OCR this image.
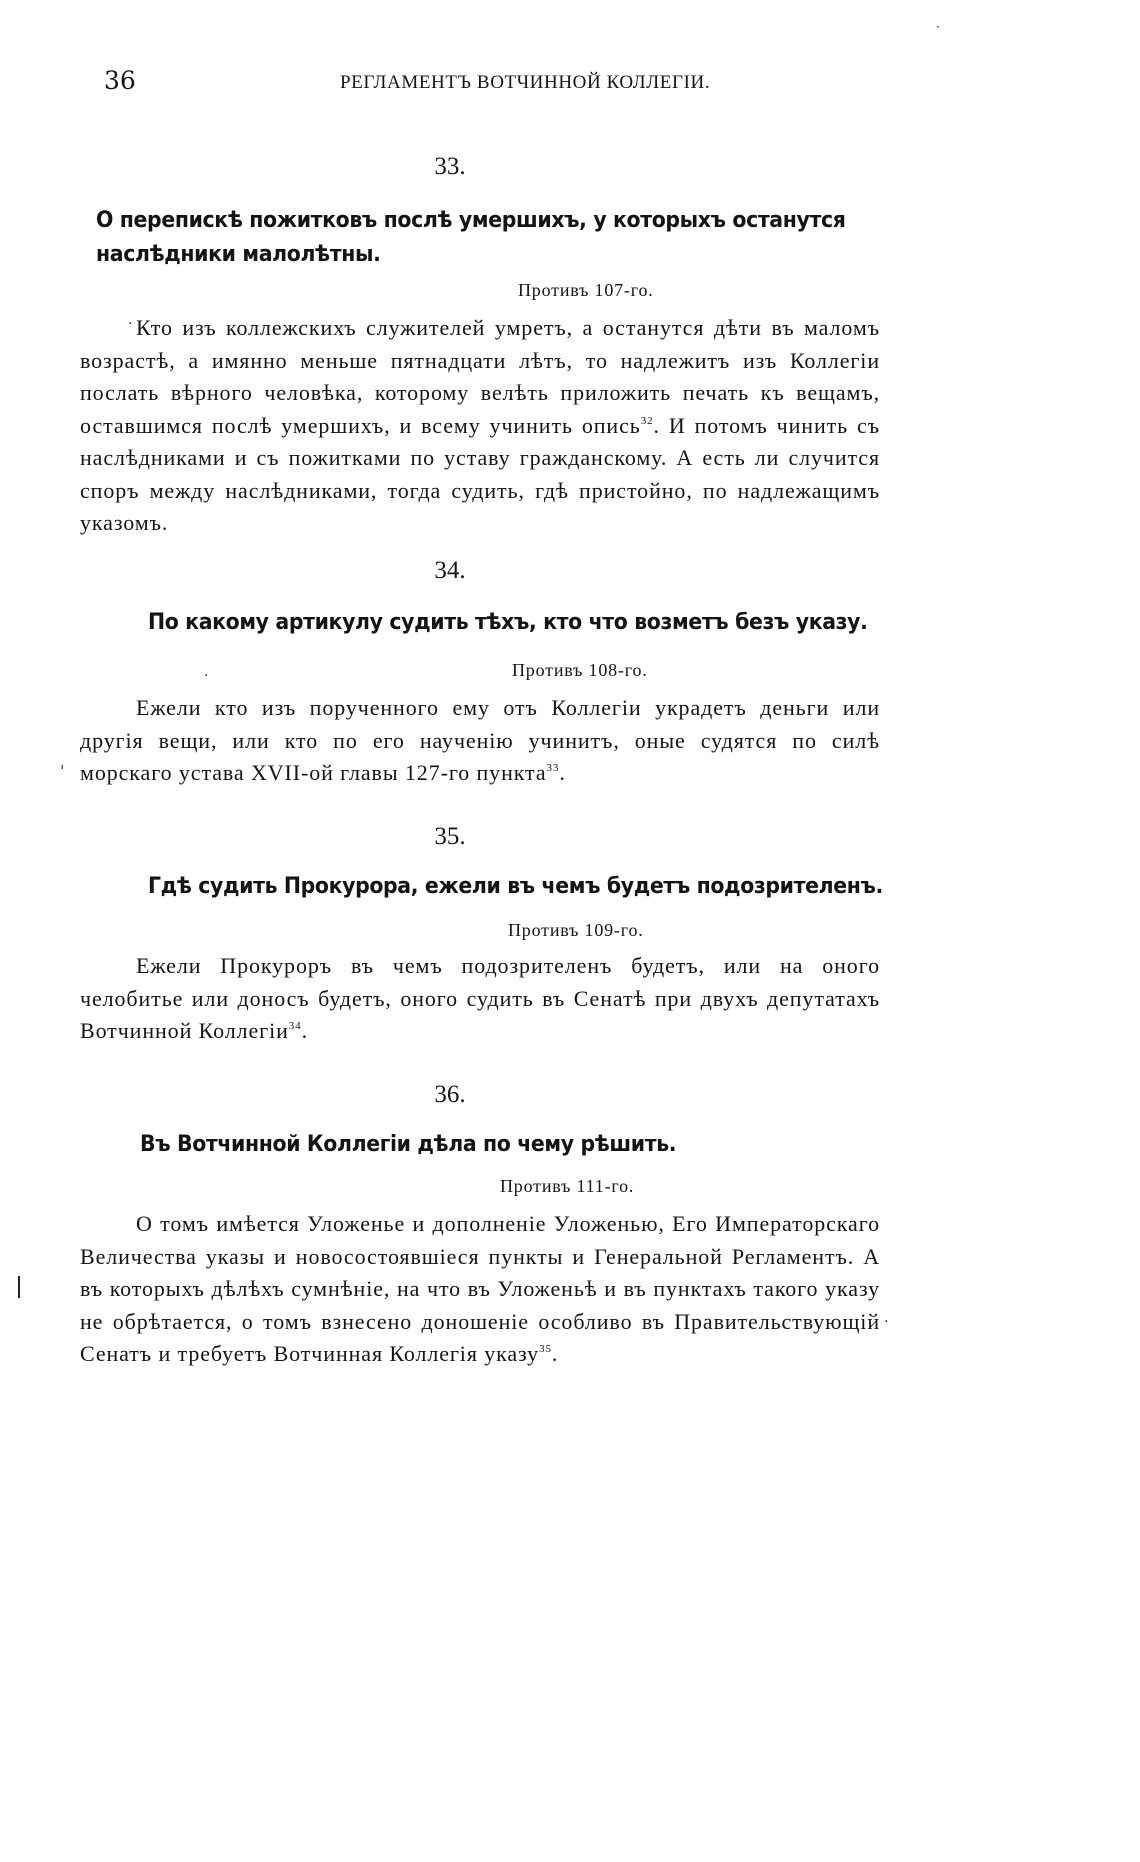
36	РЕГЛАМЕНТЪ ВОТЧИННОЙ КОЛЛЕГІИ.
33.
О перепискѣ пожитковъ послѣ умершихъ, у которыхъ останутся наслѣдники малолѣтны.
Противъ 107-го.
Кто изъ коллежскихъ служителей умретъ, а останутся дѣти въ маломъ возрастѣ, а имянно меньше пятнадцати лѣтъ, то надлежитъ изъ Коллегіи послать вѣрного человѣка, которому велѣть приложить печать къ вещамъ, оставшимся послѣ умершихъ, и всему учинить опись$^{32}$. И потомъ чинить съ наслѣдниками и съ пожитками по уставу гражданскому. А есть ли случится споръ между наслѣдниками, тогда судить, гдѣ пристойно, по надлежащимъ указомъ.
34.
По какому артикулу судить тѣхъ, кто что возметъ безъ указу.
Противъ 108-го.
Ежели кто изъ порученного ему отъ Коллегіи украдетъ деньги или другія вещи, или кто по его наученію учинитъ, оные судятся по силѣ морскаго устава XVII-ой главы 127-го пункта$^{33}$.
35.
Гдѣ судить Прокурора, ежели въ чемъ будетъ подозрителенъ.
Противъ 109-го.
Ежели Прокуроръ въ чемъ подозрителенъ будетъ, или на оного челобитье или доносъ будетъ, оного судить въ Сенатѣ при двухъ депутатахъ Вотчинной Коллегіи$^{34}$.
36.
Въ Вотчинной Коллегіи дѣла по чему рѣшить.
Противъ 111-го.
О томъ имѣется Уложенье и дополненіе Уложенью, Его Императорскаго Величества указы и новосостоявшіеся пункты и Генеральной Регламентъ. А въ которыхъ дѣлѣхъ сумнѣніе, на что въ Уложеньѣ и въ пунктахъ такого указу не обрѣтается, о томъ взнесено доношеніе особливо въ Правительствующій Сенатъ и требуетъ Вотчинная Коллегія указу$^{35}$.
·
·
ˈ
·
·
